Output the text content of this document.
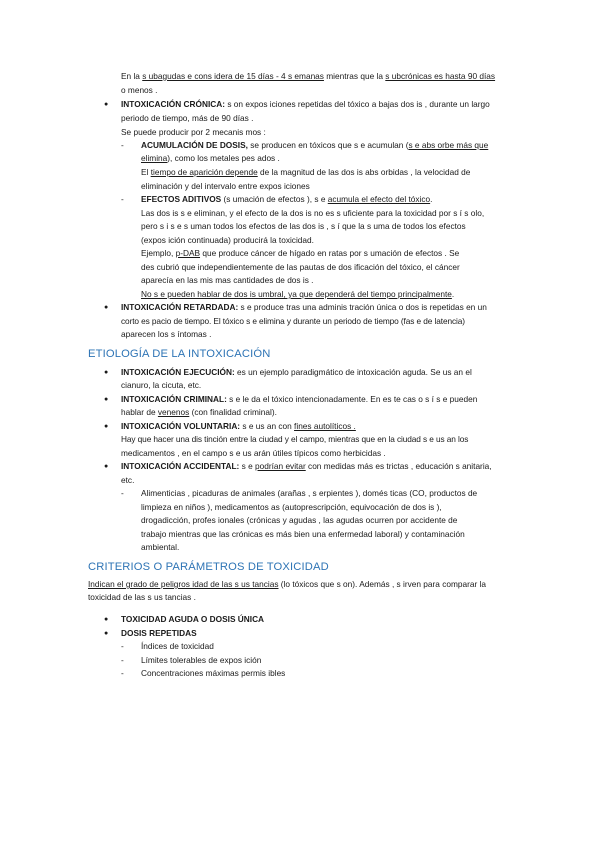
En la s ubagudas e cons idera de 15 días - 4 s emanas mientras que la s ubcrónicas es hasta 90 días
o menos .
● INTOXICACIÓN CRÓNICA: s on expos iciones repetidas del tóxico a bajas dos is , durante un largo
periodo de tiempo, más de 90 días .
Se puede producir por 2 mecanis mos :
- ACUMULACIÓN DE DOSIS, se producen en tóxicos que s e acumulan (s e abs orbe más que
elimina), como los metales pes ados .
El tiempo de aparición depende de la magnitud de las dos is abs orbidas , la velocidad de
eliminación y del intervalo entre expos iciones
- EFECTOS ADITIVOS (s umación de efectos ), s e acumula el efecto del tóxico.
Las dos is s e eliminan, y el efecto de la dos is no es s uficiente para la toxicidad por s í s olo,
pero s i s e s uman todos los efectos de las dos is , s í que la s uma de todos los efectos
(expos ición continuada) producirá la toxicidad.
Ejemplo, p-DAB que produce cáncer de hígado en ratas por s umación de efectos . Se
des cubrió que independientemente de las pautas de dos ificación del tóxico, el cáncer
aparecía en las mis mas cantidades de dos is .
No s e pueden hablar de dos is umbral, ya que dependerá del tiempo principalmente.
● INTOXICACIÓN RETARDADA: s e produce tras una adminis tración única o dos is repetidas en un
corto es pacio de tiempo. El tóxico s e elimina y durante un periodo de tiempo (fas e de latencia)
aparecen los s íntomas .
ETIOLOGÍA DE LA INTOXICACIÓN
● INTOXICACIÓN EJECUCIÓN: es un ejemplo paradigmático de intoxicación aguda. Se us an el
cianuro, la cicuta, etc.
● INTOXICACIÓN CRIMINAL: s e le da el tóxico intencionadamente. En es te cas o s í s e pueden
hablar de venenos (con finalidad criminal).
● INTOXICACIÓN VOLUNTARIA: s e us an con fines autolíticos .
Hay que hacer una dis tinción entre la ciudad y el campo, mientras que en la ciudad s e us an los
medicamentos , en el campo s e us arán útiles típicos como herbicidas .
● INTOXICACIÓN ACCIDENTAL: s e podrían evitar con medidas más es trictas , educación s anitaria,
etc.
- Alimenticias , picaduras de animales (arañas , s erpientes ), domés ticas (CO, productos de
limpieza en niños ), medicamentos as (autoprescripción, equivocación de dos is ),
drogadicción, profes ionales (crónicas y agudas , las agudas ocurren por accidente de
trabajo mientras que las crónicas es más bien una enfermedad laboral) y contaminación
ambiental.
CRITERIOS O PARÁMETROS DE TOXICIDAD
Indican el grado de peligros idad de las s us tancias (lo tóxicos que s on). Además , s irven para comparar la
toxicidad de las s us tancias .
● TOXICIDAD AGUDA O DOSIS ÚNICA
● DOSIS REPETIDAS
- Índices de toxicidad
- Límites tolerables de expos ición
- Concentraciones máximas permis ibles
